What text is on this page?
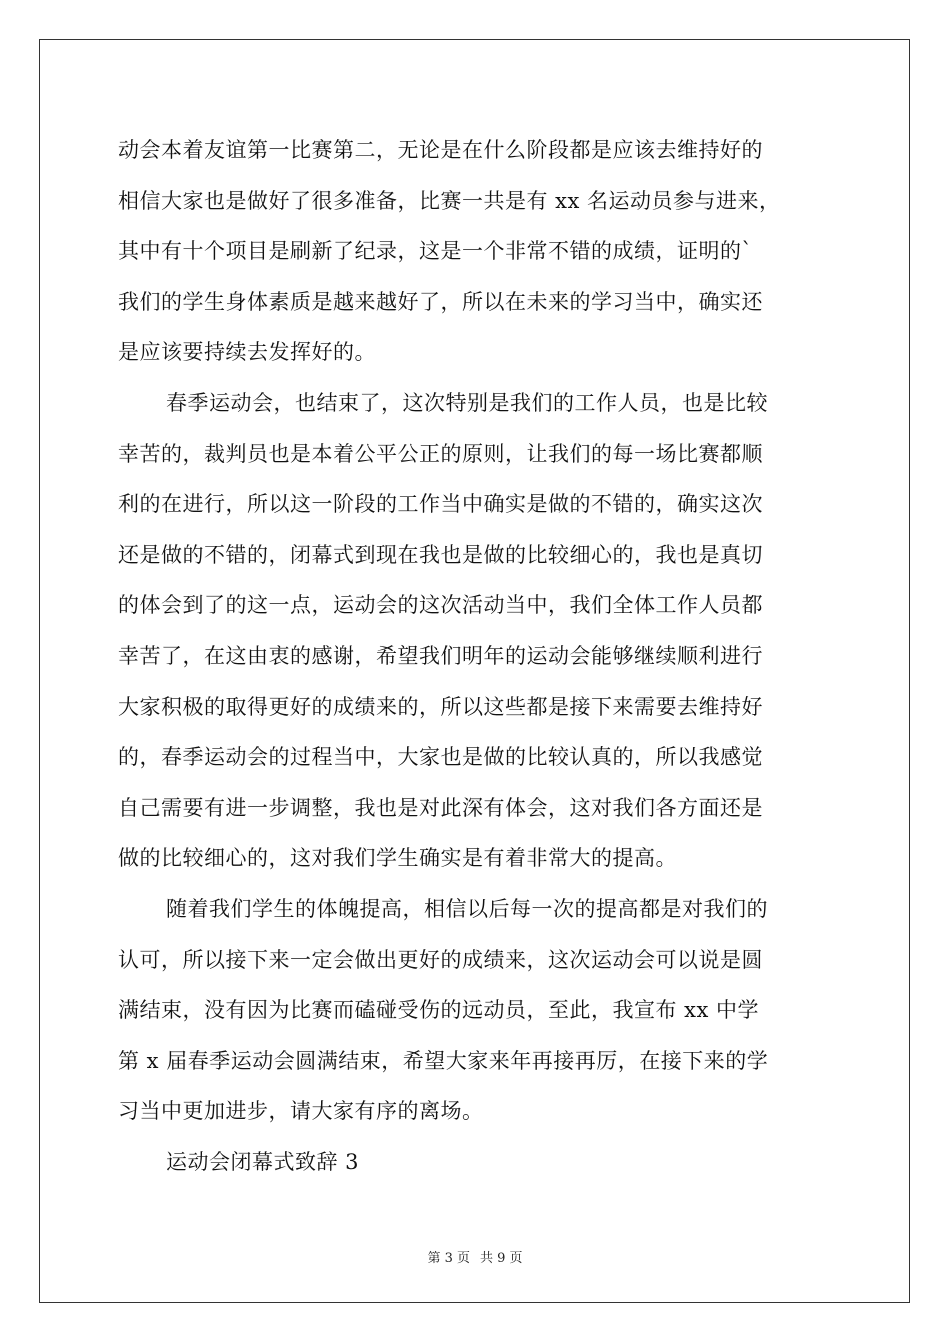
动会本着友谊第一比赛第二，无论是在什么阶段都是应该去维持好的
相信大家也是做好了很多准备，比赛一共是有 xx 名运动员参与进来，
其中有十个项目是刷新了纪录，这是一个非常不错的成绩，证明的`
我们的学生身体素质是越来越好了，所以在未来的学习当中，确实还
是应该要持续去发挥好的。
春季运动会，也结束了，这次特别是我们的工作人员，也是比较
幸苦的，裁判员也是本着公平公正的原则，让我们的每一场比赛都顺
利的在进行，所以这一阶段的工作当中确实是做的不错的，确实这次
还是做的不错的，闭幕式到现在我也是做的比较细心的，我也是真切
的体会到了的这一点，运动会的这次活动当中，我们全体工作人员都
幸苦了，在这由衷的感谢，希望我们明年的运动会能够继续顺利进行
大家积极的取得更好的成绩来的，所以这些都是接下来需要去维持好
的，春季运动会的过程当中，大家也是做的比较认真的，所以我感觉
自己需要有进一步调整，我也是对此深有体会，这对我们各方面还是
做的比较细心的，这对我们学生确实是有着非常大的提高。
随着我们学生的体魄提高，相信以后每一次的提高都是对我们的
认可，所以接下来一定会做出更好的成绩来，这次运动会可以说是圆
满结束，没有因为比赛而磕碰受伤的远动员，至此，我宣布 xx 中学
第 x 届春季运动会圆满结束，希望大家来年再接再厉，在接下来的学
习当中更加进步，请大家有序的离场。
运动会闭幕式致辞 3
第 3 页 共 9 页
